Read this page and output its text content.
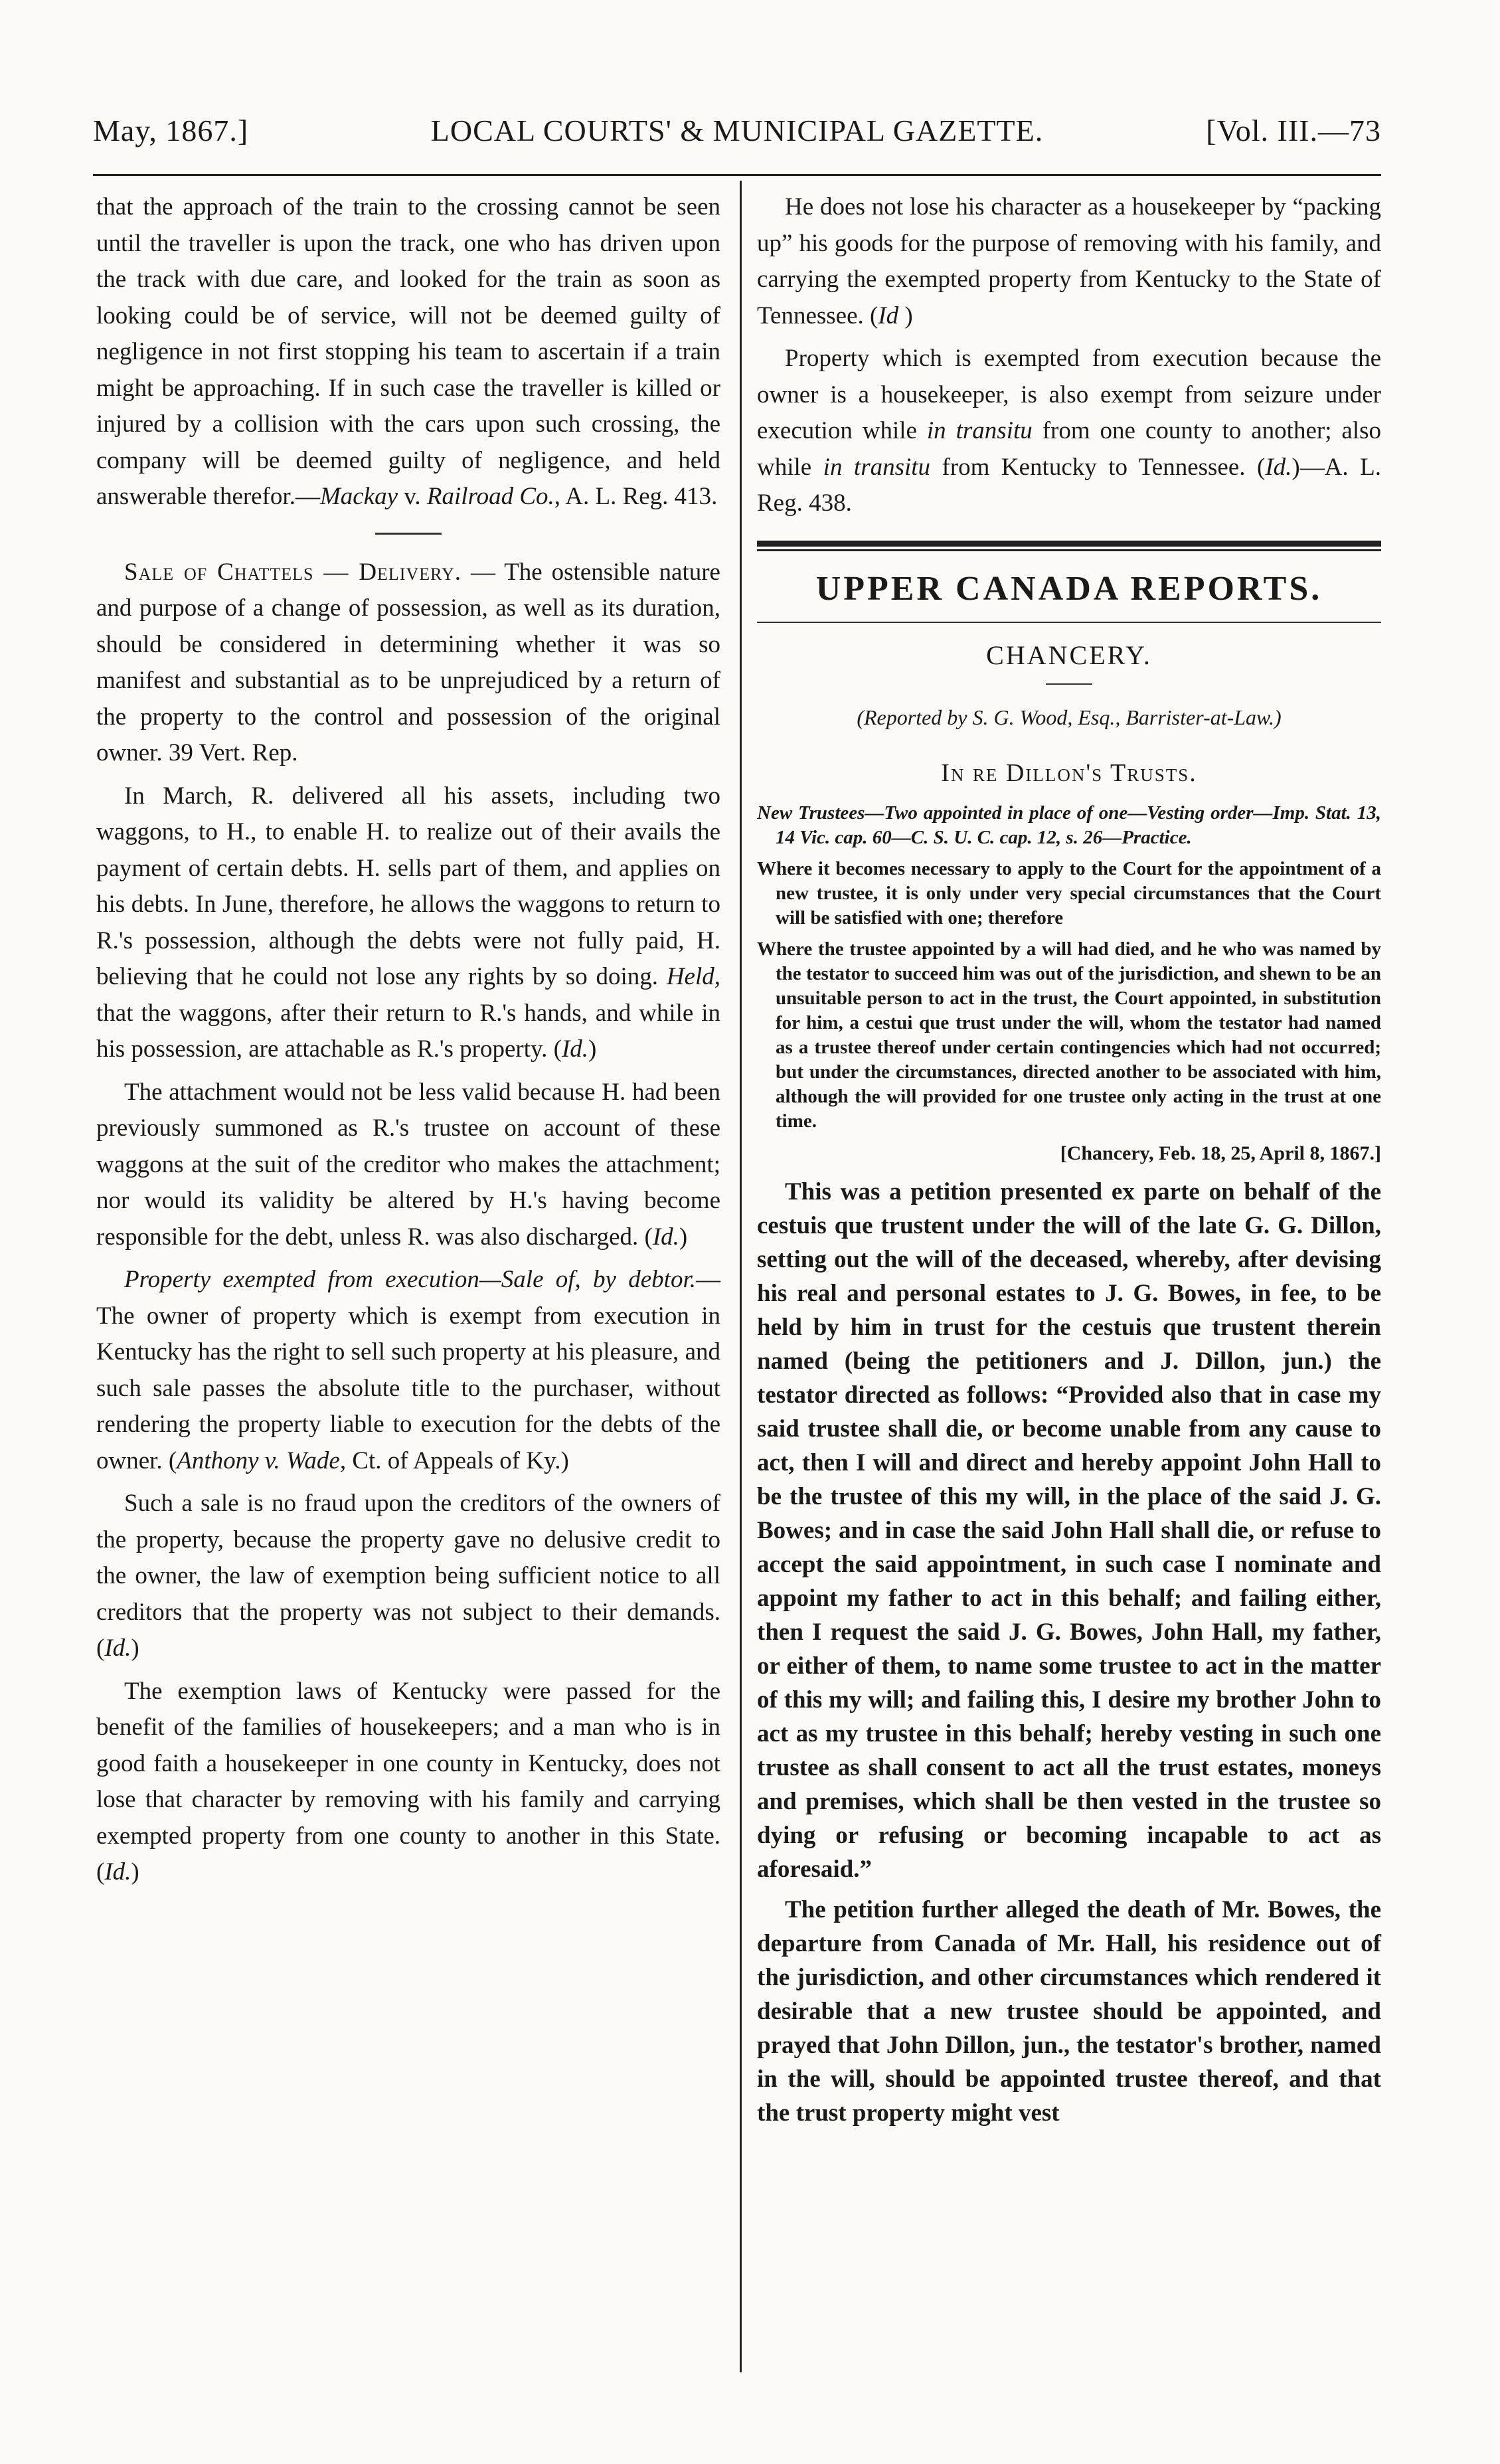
May, 1867.]	LOCAL COURTS' & MUNICIPAL GAZETTE.	[Vol. III.—73

that the approach of the train to the crossing cannot be seen until the traveller is upon the track, one who has driven upon the track with due care, and looked for the train as soon as looking could be of service, will not be deemed guilty of negligence in not first stopping his team to ascertain if a train might be approaching. If in such case the traveller is killed or injured by a collision with the cars upon such crossing, the company will be deemed guilty of negligence, and held answerable therefor.—Mackay v. Railroad Co., A. L. Reg. 413.

Sale of Chattels — Delivery. — The ostensible nature and purpose of a change of possession, as well as its duration, should be considered in determining whether it was so manifest and substantial as to be unprejudiced by a return of the property to the control and possession of the original owner. 39 Vert. Rep.

In March, R. delivered all his assets, including two waggons, to H., to enable H. to realize out of their avails the payment of certain debts. H. sells part of them, and applies on his debts. In June, therefore, he allows the waggons to return to R.'s possession, although the debts were not fully paid, H. believing that he could not lose any rights by so doing. Held, that the waggons, after their return to R.'s hands, and while in his possession, are attachable as R.'s property. (Id.)

The attachment would not be less valid because H. had been previously summoned as R.'s trustee on account of these waggons at the suit of the creditor who makes the attachment; nor would its validity be altered by H.'s having become responsible for the debt, unless R. was also discharged. (Id.)

Property exempted from execution—Sale of, by debtor.—The owner of property which is exempt from execution in Kentucky has the right to sell such property at his pleasure, and such sale passes the absolute title to the purchaser, without rendering the property liable to execution for the debts of the owner. (Anthony v. Wade, Ct. of Appeals of Ky.)

Such a sale is no fraud upon the creditors of the owners of the property, because the property gave no delusive credit to the owner, the law of exemption being sufficient notice to all creditors that the property was not subject to their demands. (Id.)

The exemption laws of Kentucky were passed for the benefit of the families of housekeepers; and a man who is in good faith a housekeeper in one county in Kentucky, does not lose that character by removing with his family and carrying exempted property from one county to another in this State. (Id.)

He does not lose his character as a housekeeper by “packing up” his goods for the purpose of removing with his family, and carrying the exempted property from Kentucky to the State of Tennessee. (Id )

Property which is exempted from execution because the owner is a housekeeper, is also exempt from seizure under execution while in transitu from one county to another; also while in transitu from Kentucky to Tennessee. (Id.)—A. L. Reg. 438.

UPPER CANADA REPORTS.
CHANCERY.
(Reported by S. G. Wood, Esq., Barrister-at-Law.)
In re Dillon's Trusts.

New Trustees—Two appointed in place of one—Vesting order—Imp. Stat. 13, 14 Vic. cap. 60—C. S. U. C. cap. 12, s. 26—Practice.

Where it becomes necessary to apply to the Court for the appointment of a new trustee, it is only under very special circumstances that the Court will be satisfied with one; therefore

Where the trustee appointed by a will had died, and he who was named by the testator to succeed him was out of the jurisdiction, and shewn to be an unsuitable person to act in the trust, the Court appointed, in substitution for him, a cestui que trust under the will, whom the testator had named as a trustee thereof under certain contingencies which had not occurred; but under the circumstances, directed another to be associated with him, although the will provided for one trustee only acting in the trust at one time.

[Chancery, Feb. 18, 25, April 8, 1867.]

This was a petition presented ex parte on behalf of the cestuis que trustent under the will of the late G. G. Dillon, setting out the will of the deceased, whereby, after devising his real and personal estates to J. G. Bowes, in fee, to be held by him in trust for the cestuis que trustent therein named (being the petitioners and J. Dillon, jun.) the testator directed as follows: “Provided also that in case my said trustee shall die, or become unable from any cause to act, then I will and direct and hereby appoint John Hall to be the trustee of this my will, in the place of the said J. G. Bowes; and in case the said John Hall shall die, or refuse to accept the said appointment, in such case I nominate and appoint my father to act in this behalf; and failing either, then I request the said J. G. Bowes, John Hall, my father, or either of them, to name some trustee to act in the matter of this my will; and failing this, I desire my brother John to act as my trustee in this behalf; hereby vesting in such one trustee as shall consent to act all the trust estates, moneys and premises, which shall be then vested in the trustee so dying or refusing or becoming incapable to act as aforesaid.”

The petition further alleged the death of Mr. Bowes, the departure from Canada of Mr. Hall, his residence out of the jurisdiction, and other circumstances which rendered it desirable that a new trustee should be appointed, and prayed that John Dillon, jun., the testator's brother, named in the will, should be appointed trustee thereof, and that the trust property might vest
